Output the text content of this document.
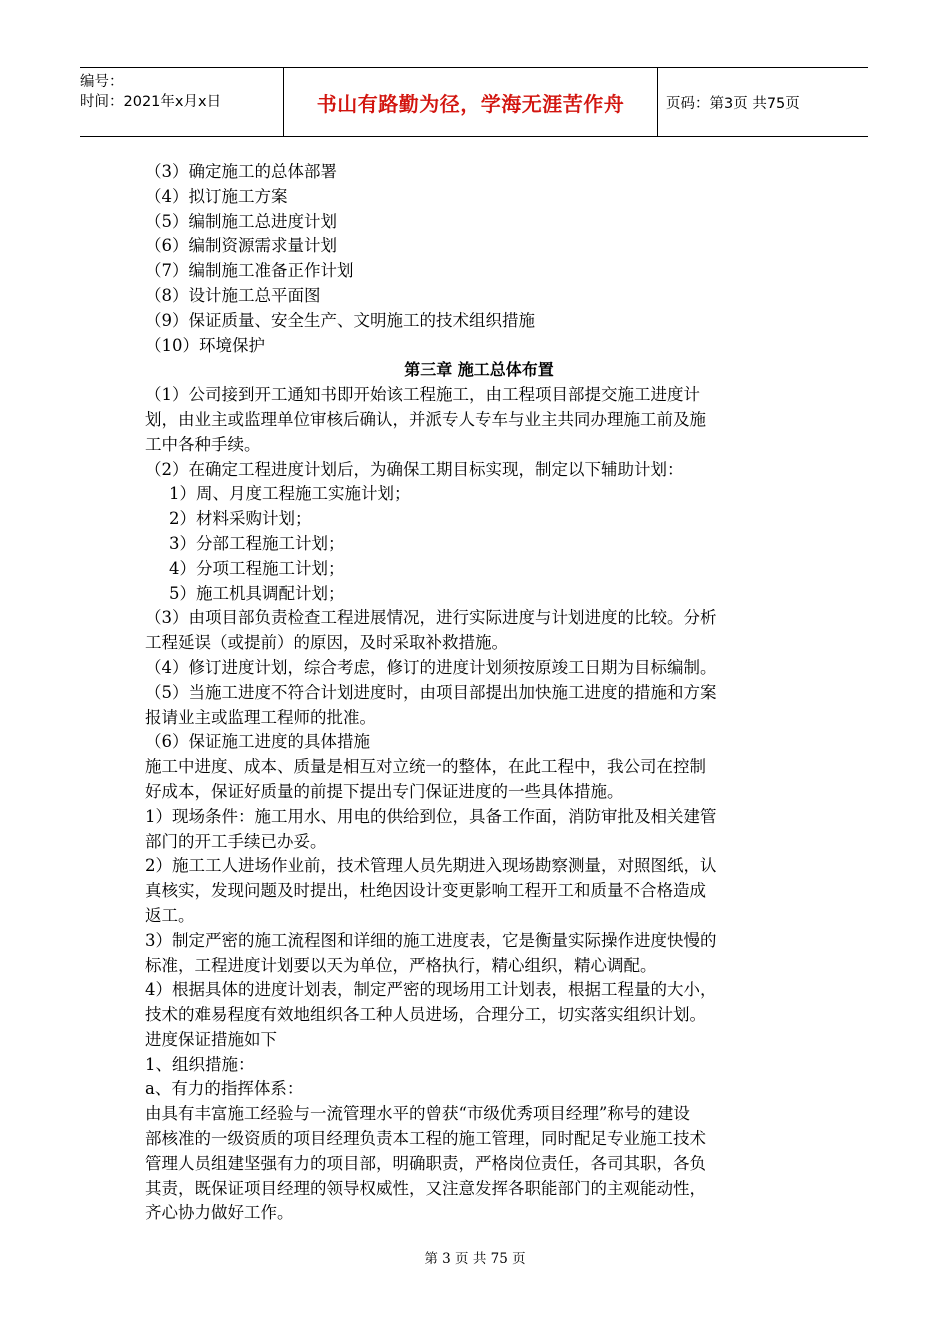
编号：
时间：2021年x月x日	书山有路勤为径，学海无涯苦作舟	页码：第3页 共75页
（3）确定施工的总体部署
（4）拟订施工方案
（5）编制施工总进度计划
（6）编制资源需求量计划
（7）编制施工准备正作计划
（8）设计施工总平面图
（9）保证质量、安全生产、文明施工的技术组织措施
（10）环境保护
第三章 施工总体布置
（1）公司接到开工通知书即开始该工程施工，由工程项目部提交施工进度计
划，由业主或监理单位审核后确认，并派专人专车与业主共同办理施工前及施
工中各种手续。
（2）在确定工程进度计划后，为确保工期目标实现，制定以下辅助计划：
1）周、月度工程施工实施计划；
2）材料采购计划；
3）分部工程施工计划；
4）分项工程施工计划；
5）施工机具调配计划；
（3）由项目部负责检查工程进展情况，进行实际进度与计划进度的比较。分析
工程延误（或提前）的原因，及时采取补救措施。
（4）修订进度计划，综合考虑，修订的进度计划须按原竣工日期为目标编制。
（5）当施工进度不符合计划进度时，由项目部提出加快施工进度的措施和方案
报请业主或监理工程师的批准。
（6）保证施工进度的具体措施
施工中进度、成本、质量是相互对立统一的整体，在此工程中，我公司在控制
好成本，保证好质量的前提下提出专门保证进度的一些具体措施。
1）现场条件：施工用水、用电的供给到位，具备工作面，消防审批及相关建管
部门的开工手续已办妥。
2）施工工人进场作业前，技术管理人员先期进入现场勘察测量，对照图纸，认
真核实，发现问题及时提出，杜绝因设计变更影响工程开工和质量不合格造成
返工。
3）制定严密的施工流程图和详细的施工进度表，它是衡量实际操作进度快慢的
标准，工程进度计划要以天为单位，严格执行，精心组织，精心调配。
4）根据具体的进度计划表，制定严密的现场用工计划表，根据工程量的大小，
技术的难易程度有效地组织各工种人员进场，合理分工，切实落实组织计划。
进度保证措施如下
1、组织措施：
a、有力的指挥体系：
由具有丰富施工经验与一流管理水平的曾获“市级优秀项目经理”称号的建设
部核准的一级资质的项目经理负责本工程的施工管理，同时配足专业施工技术
管理人员组建坚强有力的项目部，明确职责，严格岗位责任，各司其职，各负
其责，既保证项目经理的领导权威性，又注意发挥各职能部门的主观能动性，
齐心协力做好工作。
第 3 页 共 75 页
